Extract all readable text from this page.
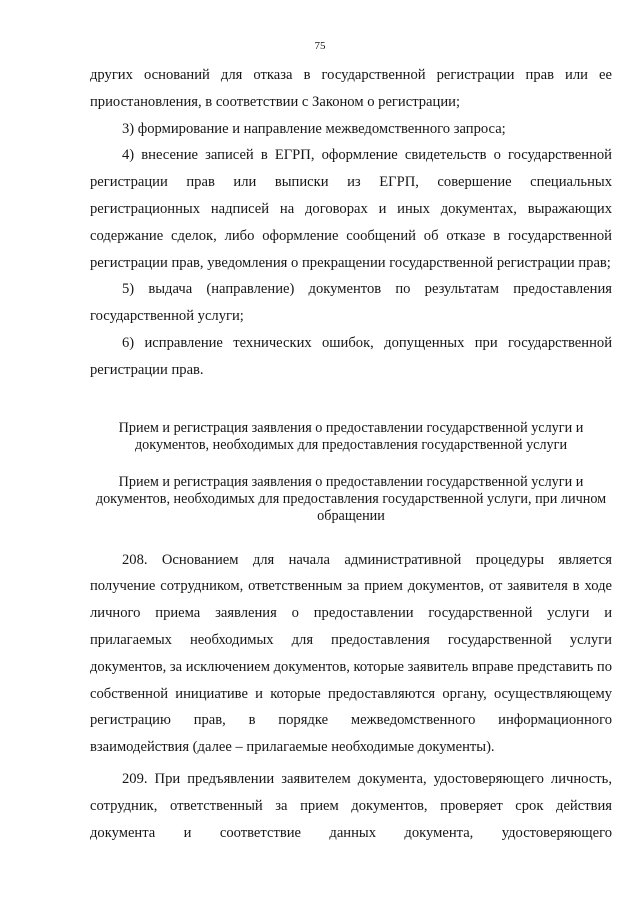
75

других оснований для отказа в государственной регистрации прав или ее приостановления, в соответствии с Законом о регистрации;

3) формирование и направление межведомственного запроса;

4) внесение записей в ЕГРП, оформление свидетельств о государственной регистрации прав или выписки из ЕГРП, совершение специальных регистрационных надписей на договорах и иных документах, выражающих содержание сделок, либо оформление сообщений об отказе в государственной регистрации прав, уведомления о прекращении государственной регистрации прав;

5) выдача (направление) документов по результатам предоставления государственной услуги;

6) исправление технических ошибок, допущенных при государственной регистрации прав.

Прием и регистрация заявления о предоставлении государственной услуги и документов, необходимых для предоставления государственной услуги

Прием и регистрация заявления о предоставлении государственной услуги и документов, необходимых для предоставления государственной услуги, при личном обращении

208. Основанием для начала административной процедуры является получение сотрудником, ответственным за прием документов, от заявителя в ходе личного приема заявления о предоставлении государственной услуги и прилагаемых необходимых для предоставления государственной услуги документов, за исключением документов, которые заявитель вправе представить по собственной инициативе и которые предоставляются органу, осуществляющему регистрацию прав, в порядке межведомственного информационного взаимодействия (далее – прилагаемые необходимые документы).

209. При предъявлении заявителем документа, удостоверяющего личность, сотрудник, ответственный за прием документов, проверяет срок действия документа и соответствие данных документа, удостоверяющего
